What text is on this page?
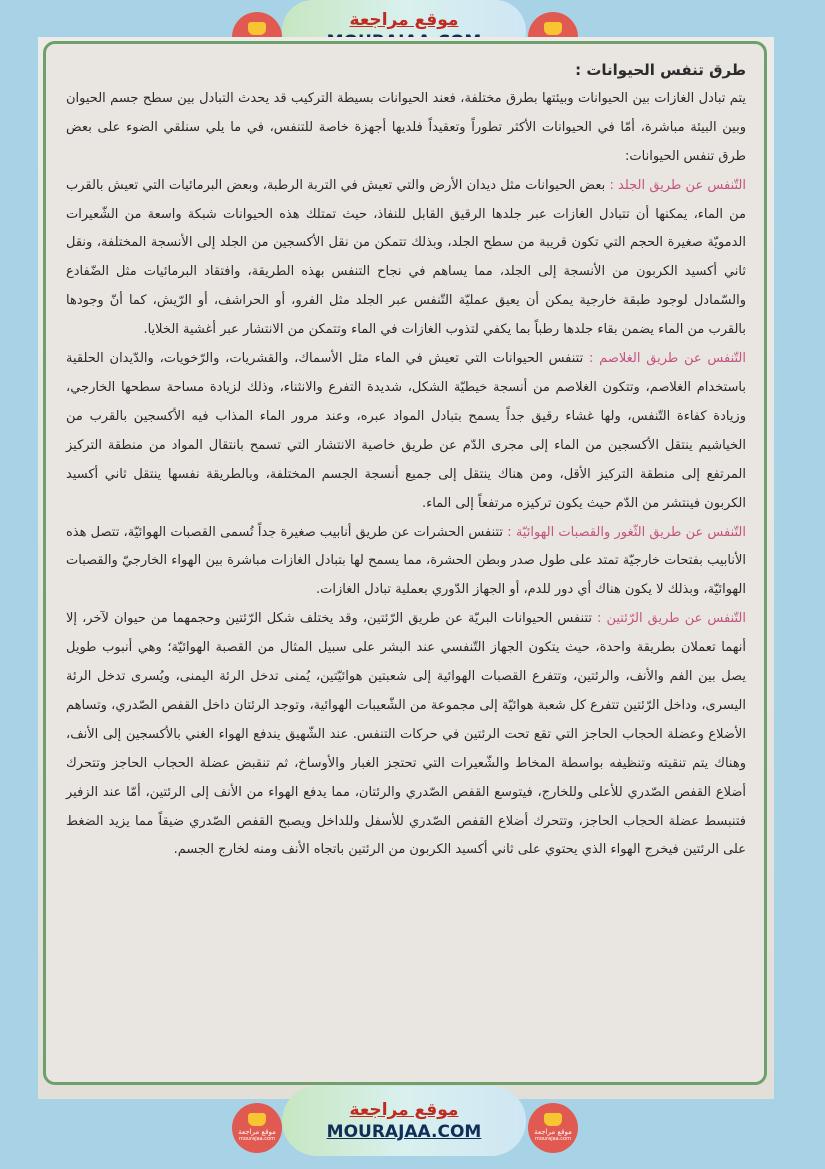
موقع مراجعة

طرق تنفس الحيوانات :

يتم تبادل الغازات بين الحيوانات وبيئتها بطرق مختلفة، فعند الحيوانات بسيطة التركيب قد يحدث التبادل بين سطح جسم الحيوان وبين البيئة مباشرة، أمّا في الحيوانات الأكثر تطوراً وتعقيداً فلديها أجهزة خاصة للتنفس، في ما يلي سنلقي الضوء على بعض طرق تنفس الحيوانات:

التّنفس عن طريق الجلد : بعض الحيوانات مثل ديدان الأرض والتي تعيش في التربة الرطبة، وبعض البرمائيات التي تعيش بالقرب من الماء، يمكنها أن تتبادل الغازات عبر جلدها الرقيق القابل للنفاذ، حيث تمتلك هذه الحيوانات شبكة واسعة من الشّعيرات الدمويّة صغيرة الحجم التي تكون قريبة من سطح الجلد، وبذلك تتمكن من نقل الأكسجين من الجلد إلى الأنسجة المختلفة، ونقل ثاني أكسيد الكربون من الأنسجة إلى الجلد، مما يساهم في نجاح التنفس بهذه الطريقة، وافتقاد البرمائيات مثل الضّفادع والسّمادل لوجود طبقة خارجية يمكن أن يعيق عمليّة التّنفس عبر الجلد مثل الفرو، أو الحراشف، أو الرّيش، كما أنّ وجودها بالقرب من الماء يضمن بقاء جلدها رطباً بما يكفي لتذوب الغازات في الماء وتتمكن من الانتشار عبر أغشية الخلايا.

التّنفس عن طريق الغلاصم : تتنفس الحيوانات التي تعيش في الماء مثل الأسماك، والقشريات، والرّخويات، والدّيدان الحلقية باستخدام الغلاصم، وتتكون الغلاصم من أنسجة خيطيّة الشكل، شديدة التفرع والانثناء، وذلك لزيادة مساحة سطحها الخارجي، وزيادة كفاءة التّنفس، ولها غشاء رقيق جداً يسمح بتبادل المواد عبره، وعند مرور الماء المذاب فيه الأكسجين بالقرب من الخياشيم ينتقل الأكسجين من الماء إلى مجرى الدّم عن طريق خاصية الانتشار التي تسمح بانتقال المواد من منطقة التركيز المرتفع إلى منطقة التركيز الأقل، ومن هناك ينتقل إلى جميع أنسجة الجسم المختلفة، وبالطريقة نفسها ينتقل ثاني أكسيد الكربون فينتشر من الدّم حيث يكون تركيزه مرتفعاً إلى الماء.

التّنفس عن طريق الثّغور والقصبات الهوائيّة : تتنفس الحشرات عن طريق أنابيب صغيرة جداً تُسمى القصبات الهوائيّة، تتصل هذه الأنابيب بفتحات خارجيّة تمتد على طول صدر وبطن الحشرة، مما يسمح لها بتبادل الغازات مباشرة بين الهواء الخارجيّ والقصبات الهوائيّة، وبذلك لا يكون هناك أي دور للدم، أو الجهاز الدّوري بعملية تبادل الغازات.

التّنفس عن طريق الرّئتين : تتنفس الحيوانات البريّة عن طريق الرّئتين، وقد يختلف شكل الرّئتين وحجمهما من حيوان لآخر، إلا أنهما تعملان بطريقة واحدة، حيث يتكون الجهاز التّنفسي عند البشر على سبيل المثال من القصبة الهوائيّة؛ وهي أنبوب طويل يصل بين الفم والأنف، والرئتين، وتتفرع القصبات الهوائية إلى شعبتين هوائيّتين، يُمنى تدخل الرئة اليمنى، ويُسرى تدخل الرئة اليسرى، وداخل الرّئتين تتفرع كل شعبة هوائيّة إلى مجموعة من الشّعيبات الهوائية، وتوجد الرئتان داخل القفص الصّدري، وتساهم الأضلاع وعضلة الحجاب الحاجز التي تقع تحت الرئتين في حركات التنفس. عند الشّهيق يندفع الهواء الغني بالأكسجين إلى الأنف، وهناك يتم تنقيته وتنظيفه بواسطة المخاط والشّعيرات التي تحتجز الغبار والأوساخ، ثم تنقبض عضلة الحجاب الحاجز وتتحرك أضلاع القفص الصّدري للأعلى وللخارج، فيتوسع القفص الصّدري والرئتان، مما يدفع الهواء من الأنف إلى الرئتين، أمّا عند الزفير فتنبسط عضلة الحجاب الحاجز، وتتحرك أضلاع القفص الصّدري للأسفل وللداخل ويصبح القفص الصّدري ضيقاً مما يزيد الضغط على الرئتين فيخرج الهواء الذي يحتوي على ثاني أكسيد الكربون من الرئتين باتجاه الأنف ومنه لخارج الجسم.

موقع مراجعة
MOURAJAA.COM
موقع مراجعة
mourajaa.com
موقع مراجعة
mourajaa.com
